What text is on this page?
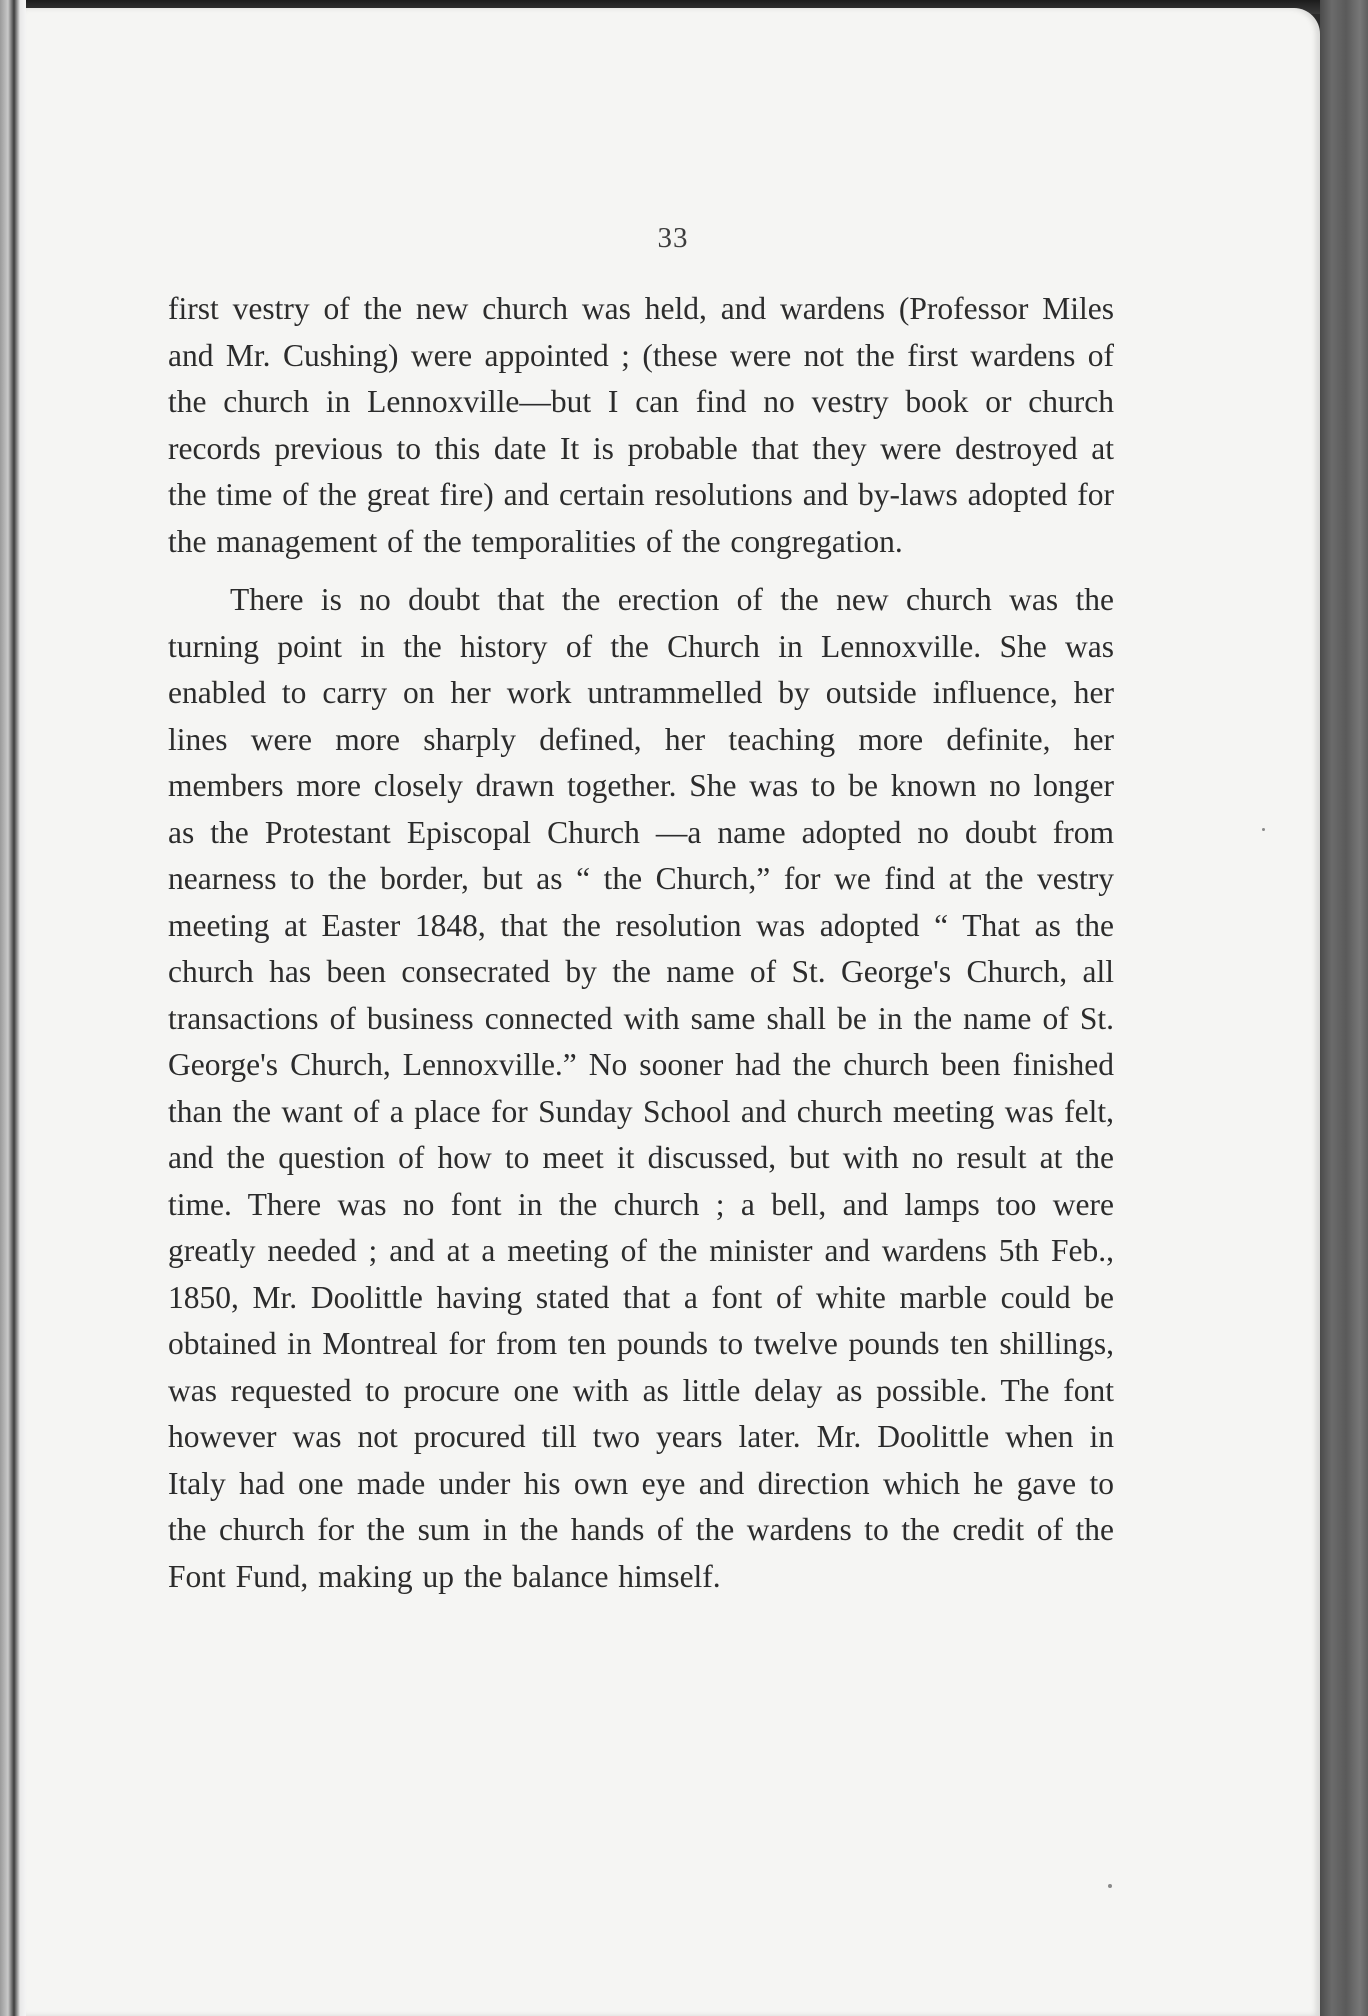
33

first vestry of the new church was held, and wardens (Professor Miles and Mr. Cushing) were appointed ; (these were not the first wardens of the church in Lennoxville—but I can find no vestry book or church records previous to this date It is probable that they were destroyed at the time of the great fire) and certain resolutions and by-laws adopted for the management of the temporalities of the congregation.

There is no doubt that the erection of the new church was the turning point in the history of the Church in Lennoxville. She was enabled to carry on her work untrammelled by outside influence, her lines were more sharply defined, her teaching more definite, her members more closely drawn together. She was to be known no longer as the Protestant Episcopal Church —a name adopted no doubt from nearness to the border, but as “ the Church,” for we find at the vestry meeting at Easter 1848, that the resolution was adopted “ That as the church has been consecrated by the name of St. George's Church, all transactions of business connected with same shall be in the name of St. George's Church, Lennoxville.” No sooner had the church been finished than the want of a place for Sunday School and church meeting was felt, and the question of how to meet it discussed, but with no result at the time. There was no font in the church ; a bell, and lamps too were greatly needed ; and at a meeting of the minister and wardens 5th Feb., 1850, Mr. Doolittle having stated that a font of white marble could be obtained in Montreal for from ten pounds to twelve pounds ten shillings, was requested to procure one with as little delay as possible. The font however was not procured till two years later. Mr. Doolittle when in Italy had one made under his own eye and direction which he gave to the church for the sum in the hands of the wardens to the credit of the Font Fund, making up the balance himself.
